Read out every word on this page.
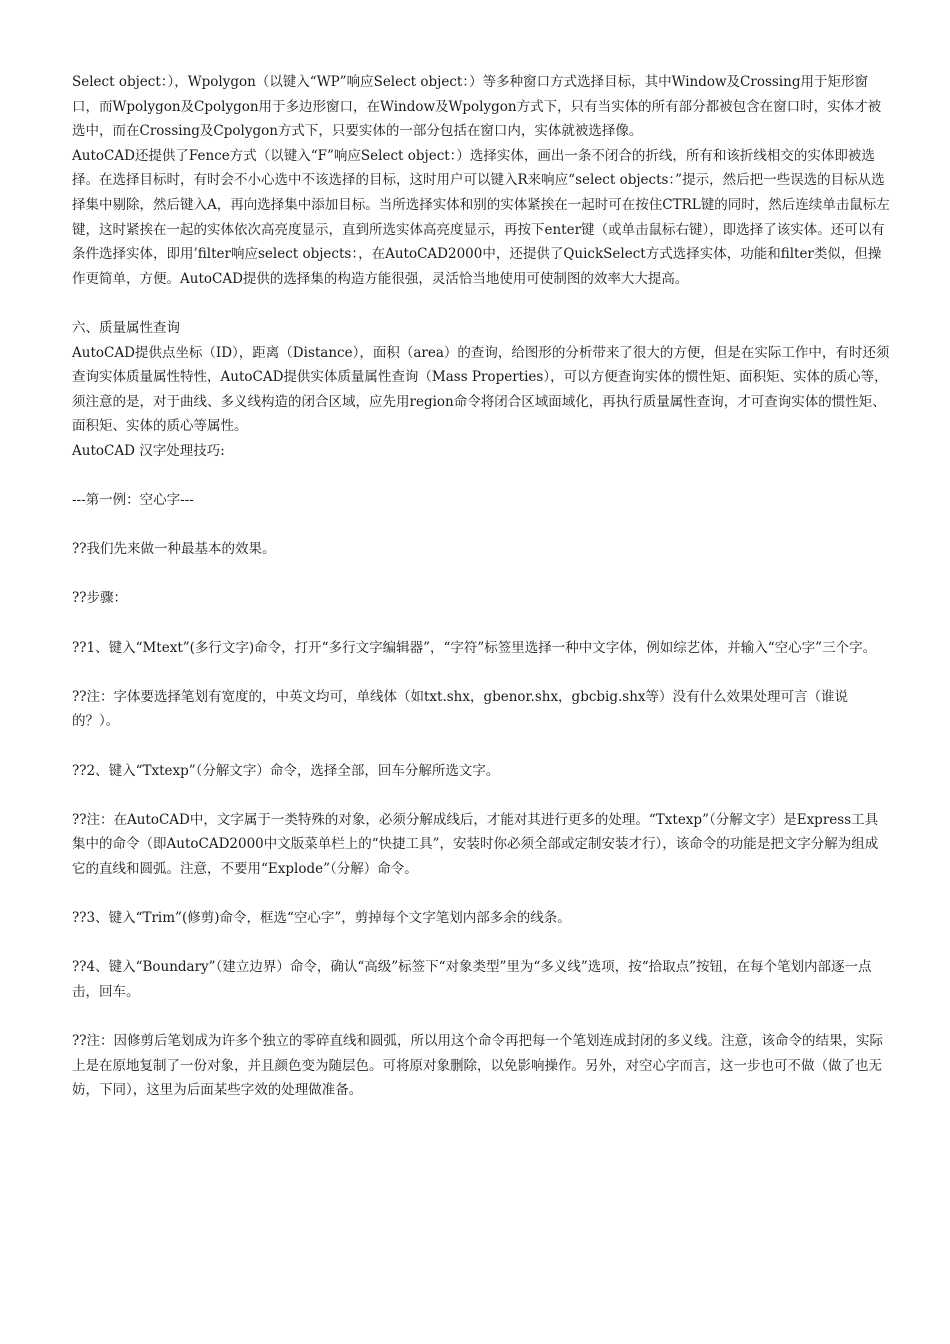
Select object：），Wpolygon（以键入“WP”响应Select object：）等多种窗口方式选择目标，其中Window及Crossing用于矩形窗口，而Wpolygon及Cpolygon用于多边形窗口，在Window及Wpolygon方式下，只有当实体的所有部分都被包含在窗口时，实体才被选中，而在Crossing及Cpolygon方式下，只要实体的一部分包括在窗口内，实体就被选择像。

AutoCAD还提供了Fence方式（以键入“F”响应Select object：）选择实体，画出一条不闭合的折线，所有和该折线相交的实体即被选择。在选择目标时，有时会不小心选中不该选择的目标，这时用户可以键入R来响应“select objects：”提示，然后把一些误选的目标从选择集中剔除，然后键入A，再向选择集中添加目标。当所选择实体和别的实体紧挨在一起时可在按住CTRL键的同时，然后连续单击鼠标左键，这时紧挨在一起的实体依次高亮度显示，直到所选实体高亮度显示，再按下enter键（或单击鼠标右键），即选择了该实体。还可以有条件选择实体，即用’filter响应select objects：，在AutoCAD2000中，还提供了QuickSelect方式选择实体，功能和filter类似，但操作更简单，方便。AutoCAD提供的选择集的构造方能很强，灵活恰当地使用可使制图的效率大大提高。

六、质量属性查询

AutoCAD提供点坐标（ID），距离（Distance），面积（area）的查询，给图形的分析带来了很大的方便，但是在实际工作中，有时还须查询实体质量属性特性，AutoCAD提供实体质量属性查询（Mass Properties），可以方便查询实体的惯性矩、面积矩、实体的质心等，须注意的是，对于曲线、多义线构造的闭合区域，应先用region命令将闭合区域面域化，再执行质量属性查询，才可查询实体的惯性矩、面积矩、实体的质心等属性。

AutoCAD 汉字处理技巧:

---第一例：空心字---

??我们先来做一种最基本的效果。

??步骤：

??1、键入“Mtext”(多行文字)命令，打开“多行文字编辑器”，“字符”标签里选择一种中文字体，例如综艺体，并输入“空心字”三个字。

??注：字体要选择笔划有宽度的，中英文均可，单线体（如txt.shx，gbenor.shx，gbcbig.shx等）没有什么效果处理可言（谁说的？）。

??2、键入“Txtexp”（分解文字）命令，选择全部，回车分解所选文字。

??注：在AutoCAD中，文字属于一类特殊的对象，必须分解成线后，才能对其进行更多的处理。“Txtexp”（分解文字）是Express工具集中的命令（即AutoCAD2000中文版菜单栏上的“快捷工具”，安装时你必须全部或定制安装才行），该命令的功能是把文字分解为组成它的直线和圆弧。注意，不要用“Explode”（分解）命令。

??3、键入“Trim”(修剪)命令，框选“空心字”，剪掉每个文字笔划内部多余的线条。

??4、键入“Boundary”（建立边界）命令，确认“高级”标签下“对象类型”里为“多义线”选项，按“拾取点”按钮，在每个笔划内部逐一点击，回车。

??注：因修剪后笔划成为许多个独立的零碎直线和圆弧，所以用这个命令再把每一个笔划连成封闭的多义线。注意，该命令的结果，实际上是在原地复制了一份对象，并且颜色变为随层色。可将原对象删除，以免影响操作。另外，对空心字而言，这一步也可不做（做了也无妨，下同），这里为后面某些字效的处理做准备。
